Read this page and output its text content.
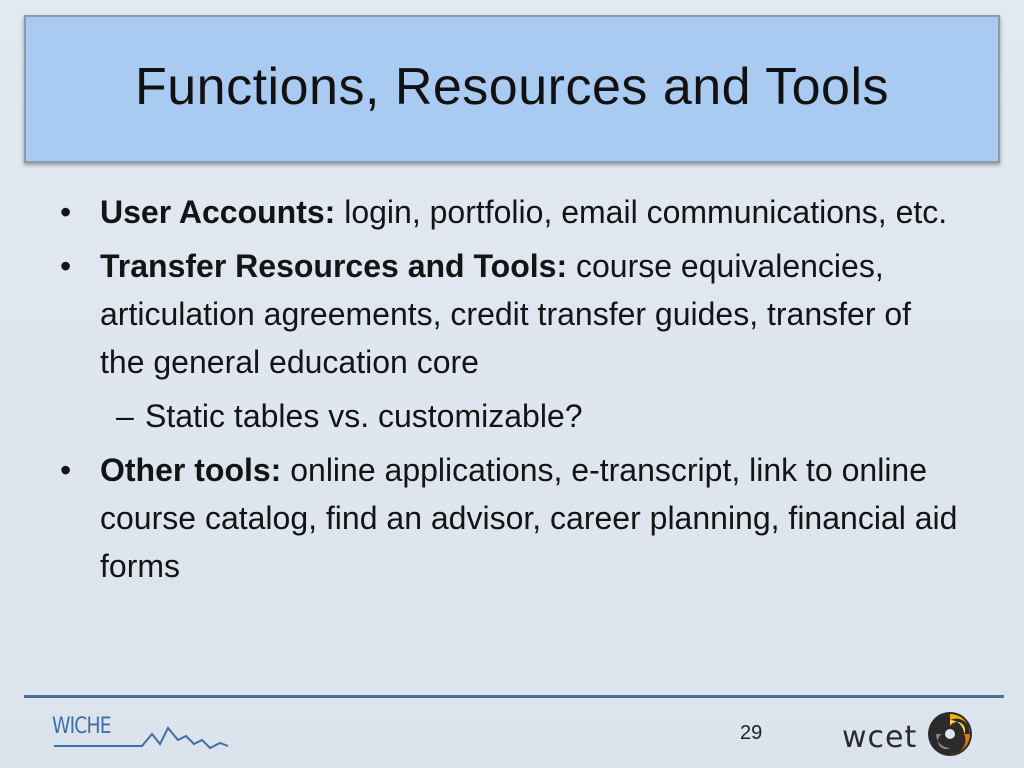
Functions, Resources and Tools
• User Accounts: login, portfolio, email communications, etc.
• Transfer Resources and Tools: course equivalencies, articulation agreements, credit transfer guides, transfer of the general education core
– Static tables vs. customizable?
• Other tools: online applications, e-transcript, link to online course catalog, find an advisor, career planning, financial aid forms
WICHE	29	wcet
